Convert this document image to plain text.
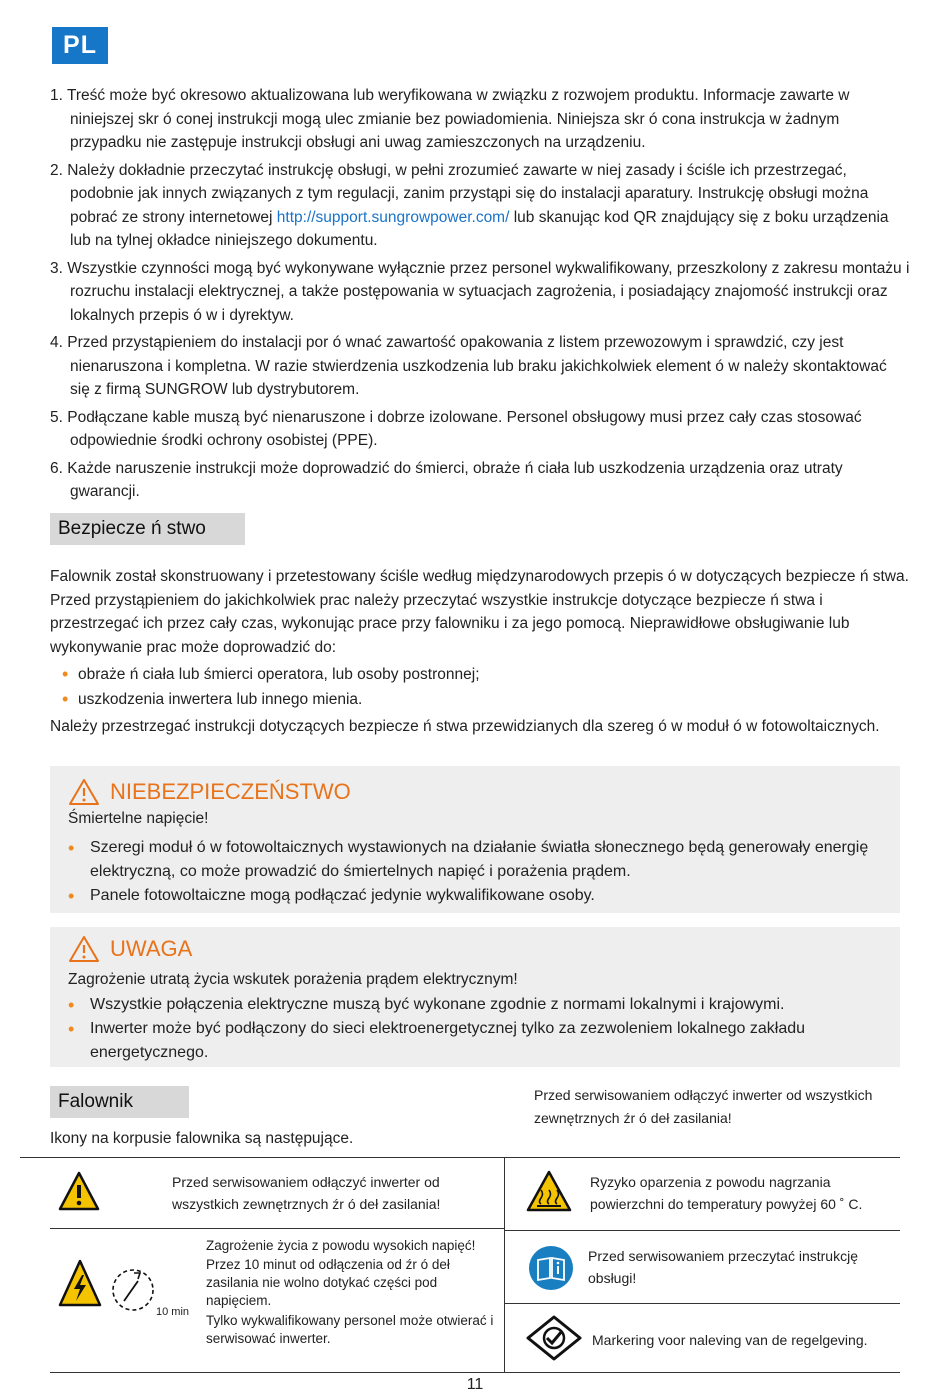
PL
1. Treść może być okresowo aktualizowana lub weryfikowana w związku z rozwojem produktu. Informacje zawarte w niniejszej skr ó conej instrukcji mogą ulec zmianie bez powiadomienia. Niniejsza skr ó cona instrukcja w żadnym przypadku nie zastępuje instrukcji obsługi ani uwag zamieszczonych na urządzeniu.
2. Należy dokładnie przeczytać instrukcję obsługi, w pełni zrozumieć zawarte w niej zasady i ściśle ich przestrzegać, podobnie jak innych związanych z tym regulacji, zanim przystąpi się do instalacji aparatury. Instrukcję obsługi można pobrać ze strony internetowej http://support.sungrowpower.com/ lub skanując kod QR znajdujący się z boku urządzenia lub na tylnej okładce niniejszego dokumentu.
3. Wszystkie czynności mogą być wykonywane wyłącznie przez personel wykwalifikowany, przeszkolony z zakresu montażu i rozruchu instalacji elektrycznej, a także postępowania w sytuacjach zagrożenia, i posiadający znajomość instrukcji oraz lokalnych przepis ó w i dyrektyw.
4. Przed przystąpieniem do instalacji por ó wnać zawartość opakowania z listem przewozowym i sprawdzić, czy jest nienaruszona i kompletna. W razie stwierdzenia uszkodzenia lub braku jakichkolwiek element ó w należy skontaktować się z firmą SUNGROW lub dystrybutorem.
5. Podłączane kable muszą być nienaruszone i dobrze izolowane. Personel obsługowy musi przez cały czas stosować odpowiednie środki ochrony osobistej (PPE).
6. Każde naruszenie instrukcji może doprowadzić do śmierci, obraże ń ciała lub uszkodzenia urządzenia oraz utraty gwarancji.
Bezpiecze ń stwo

Falownik został skonstruowany i przetestowany ściśle według międzynarodowych przepis ó w dotyczących bezpiecze ń stwa. Przed przystąpieniem do jakichkolwiek prac należy przeczytać wszystkie instrukcje dotyczące bezpiecze ń stwa i przestrzegać ich przez cały czas, wykonując prace przy falowniku i za jego pomocą. Nieprawidłowe obsługiwanie lub wykonywanie prac może doprowadzić do:

• obraże ń ciała lub śmierci operatora, lub osoby postronnej;
• uszkodzenia inwertera lub innego mienia.

Należy przestrzegać instrukcji dotyczących bezpiecze ń stwa przewidzianych dla szereg ó w moduł ó w fotowoltaicznych.

NIEBEZPIECZEŃSTWO
Śmiertelne napięcie!
• Szeregi moduł ó w fotowoltaicznych wystawionych na działanie światła słonecznego będą generowały energię elektryczną, co może prowadzić do śmiertelnych napięć i porażenia prądem.
• Panele fotowoltaiczne mogą podłączać jedynie wykwalifikowane osoby.
UWAGA
Zagrożenie utratą życia wskutek porażenia prądem elektrycznym!
• Wszystkie połączenia elektryczne muszą być wykonane zgodnie z normami lokalnymi i krajowymi.
• Inwerter może być podłączony do sieci elektroenergetycznej tylko za zezwoleniem lokalnego zakładu energetycznego.
Falownik
Ikony na korpusie falownika są następujące.
Przed serwisowaniem odłączyć inwerter od wszystkich zewnętrznych źr ó deł zasilania!
Przed serwisowaniem odłączyć inwerter od wszystkich zewnętrznych źr ó deł zasilania!
Ryzyko oparzenia z powodu nagrzania powierzchni do temperatury powyżej 60 ˚ C.
10 min
Zagrożenie życia z powodu wysokich napięć!
Przez 10 minut od odłączenia od źr ó deł zasilania nie wolno dotykać części pod napięciem.
Tylko wykwalifikowany personel może otwierać i serwisować inwerter.
Przed serwisowaniem przeczytać instrukcję obsługi!
Markering voor naleving van de regelgeving.
11
